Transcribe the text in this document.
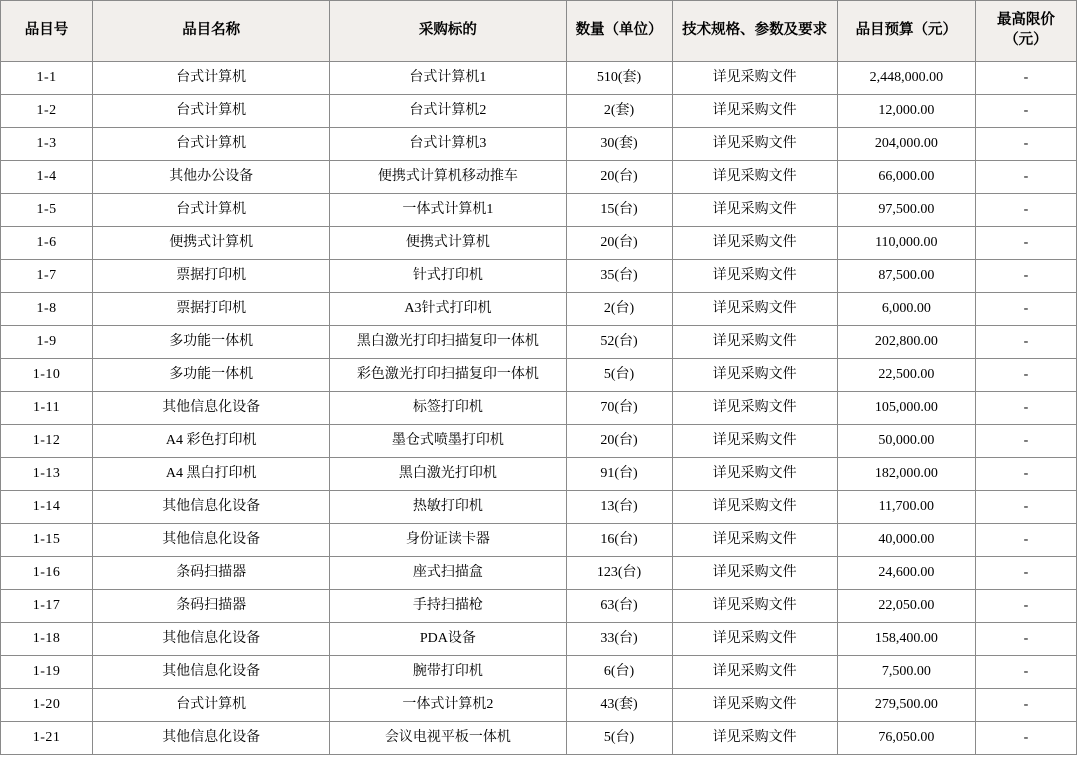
品目号	品目名称	采购标的	数量（单位）	技术规格、参数及要求	品目预算（元）	最高限价（元）
1-1	台式计算机	台式计算机1	510(套)	详见采购文件	2,448,000.00	-
1-2	台式计算机	台式计算机2	2(套)	详见采购文件	12,000.00	-
1-3	台式计算机	台式计算机3	30(套)	详见采购文件	204,000.00	-
1-4	其他办公设备	便携式计算机移动推车	20(台)	详见采购文件	66,000.00	-
1-5	台式计算机	一体式计算机1	15(台)	详见采购文件	97,500.00	-
1-6	便携式计算机	便携式计算机	20(台)	详见采购文件	110,000.00	-
1-7	票据打印机	针式打印机	35(台)	详见采购文件	87,500.00	-
1-8	票据打印机	A3针式打印机	2(台)	详见采购文件	6,000.00	-
1-9	多功能一体机	黑白激光打印扫描复印一体机	52(台)	详见采购文件	202,800.00	-
1-10	多功能一体机	彩色激光打印扫描复印一体机	5(台)	详见采购文件	22,500.00	-
1-11	其他信息化设备	标签打印机	70(台)	详见采购文件	105,000.00	-
1-12	A4 彩色打印机	墨仓式喷墨打印机	20(台)	详见采购文件	50,000.00	-
1-13	A4 黑白打印机	黑白激光打印机	91(台)	详见采购文件	182,000.00	-
1-14	其他信息化设备	热敏打印机	13(台)	详见采购文件	11,700.00	-
1-15	其他信息化设备	身份证读卡器	16(台)	详见采购文件	40,000.00	-
1-16	条码扫描器	座式扫描盒	123(台)	详见采购文件	24,600.00	-
1-17	条码扫描器	手持扫描枪	63(台)	详见采购文件	22,050.00	-
1-18	其他信息化设备	PDA设备	33(台)	详见采购文件	158,400.00	-
1-19	其他信息化设备	腕带打印机	6(台)	详见采购文件	7,500.00	-
1-20	台式计算机	一体式计算机2	43(套)	详见采购文件	279,500.00	-
1-21	其他信息化设备	会议电视平板一体机	5(台)	详见采购文件	76,050.00	-
